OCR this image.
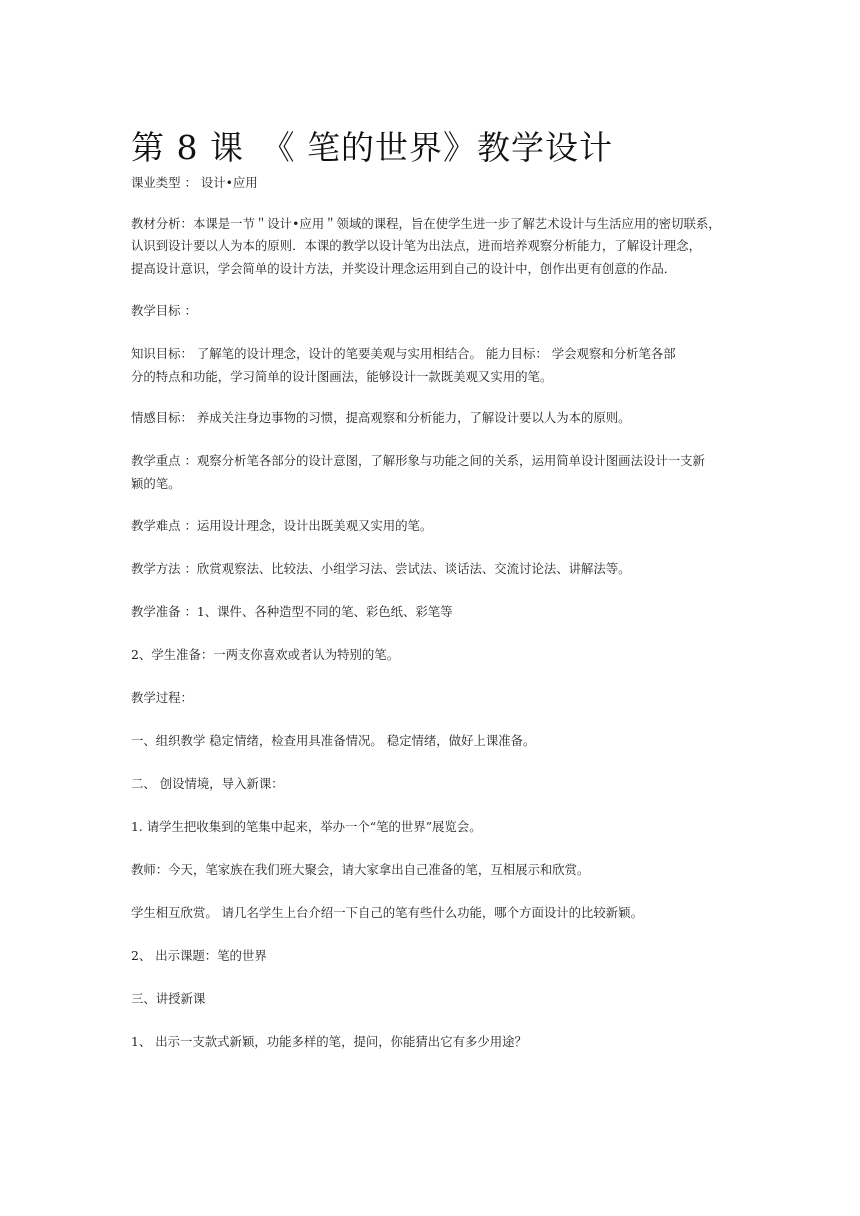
第 8 课　《 笔的世界》教学设计
课业类型 ： 设计•应用
教材分析：本课是一节＂设计•应用＂领域的课程，旨在使学生进一步了解艺术设计与生活应用的密切联系，
认识到设计要以人为本的原则．本课的教学以设计笔为出法点，进而培养观察分析能力，了解设计理念，
提高设计意识，学会简单的设计方法，并奖设计理念运用到自己的设计中，创作出更有创意的作品．
教学目标 ：
知识目标： 了解笔的设计理念，设计的笔要美观与实用相结合。 能力目标： 学会观察和分析笔各部
分的特点和功能，学习简单的设计图画法，能够设计一款既美观又实用的笔。
情感目标： 养成关注身边事物的习惯，提高观察和分析能力，了解设计要以人为本的原则。
教学重点 ：观察分析笔各部分的设计意图，了解形象与功能之间的关系，运用简单设计图画法设计一支新
颖的笔。
教学难点 ：运用设计理念，设计出既美观又实用的笔。
教学方法 ：欣赏观察法、比较法、小组学习法、尝试法、谈话法、交流讨论法、讲解法等。
教学准备 ：1、课件、各种造型不同的笔、彩色纸、彩笔等
2、学生准备：一两支你喜欢或者认为特别的笔。
教学过程：
一、组织教学 稳定情绪，检查用具准备情况。 稳定情绪，做好上课准备。
二、 创设情境，导入新课：
1. 请学生把收集到的笔集中起来，举办一个“笔的世界”展览会。
教师：今天，笔家族在我们班大聚会，请大家拿出自己准备的笔，互相展示和欣赏。
学生相互欣赏。 请几名学生上台介绍一下自己的笔有些什么功能，哪个方面设计的比较新颖。
2、 出示课题：笔的世界
三、讲授新课
1、 出示一支款式新颖，功能多样的笔，提问，你能猜出它有多少用途？
